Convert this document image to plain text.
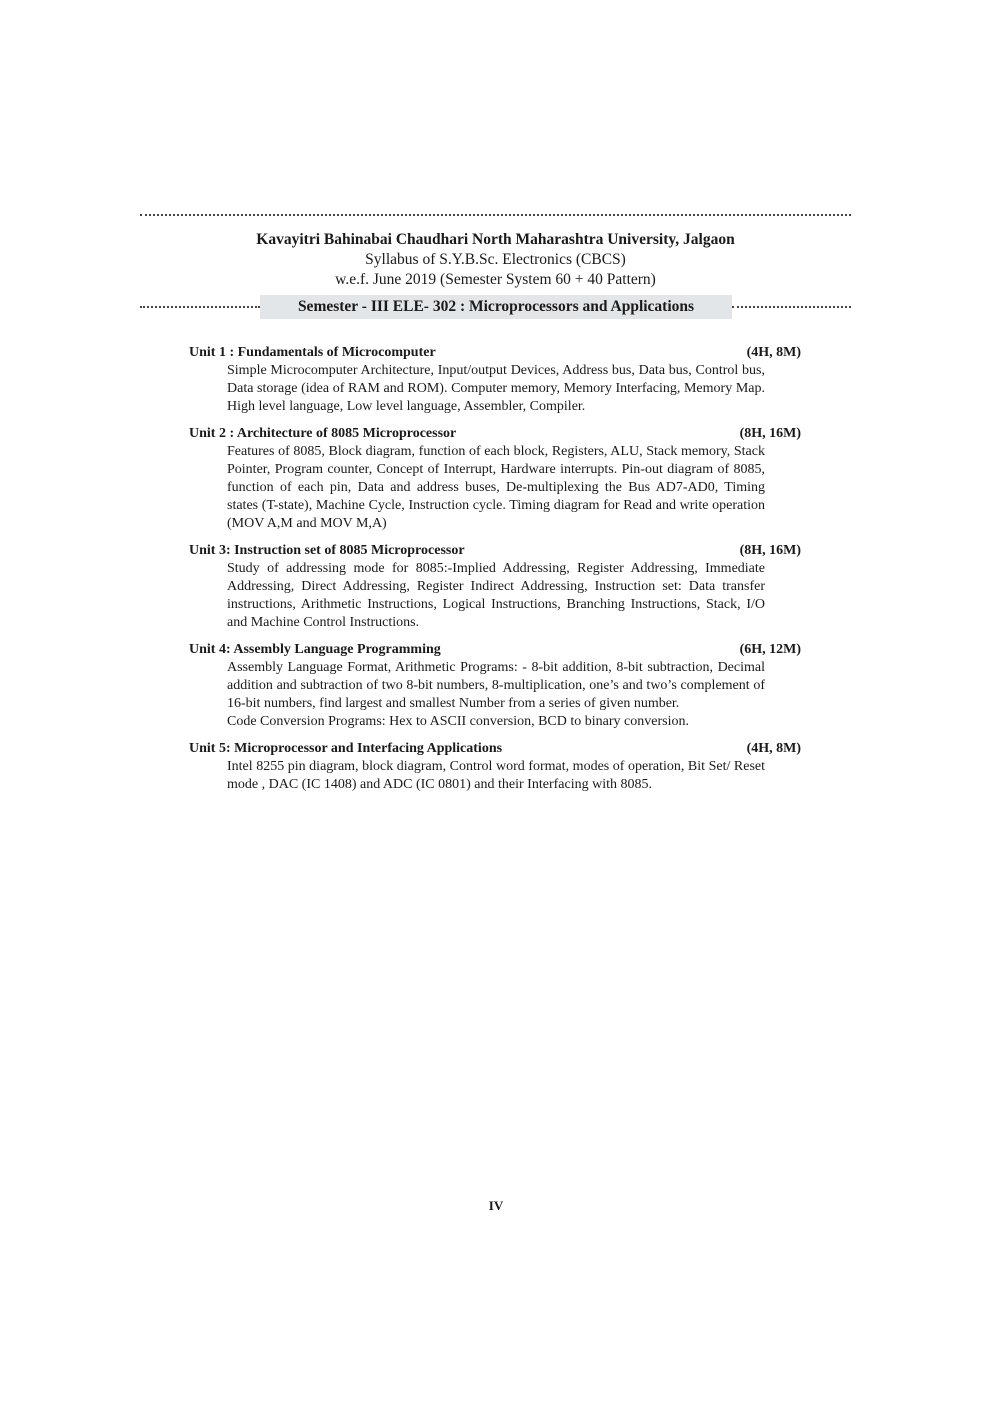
Kavayitri Bahinabai Chaudhari North Maharashtra University, Jalgaon
Syllabus of S.Y.B.Sc. Electronics (CBCS)
w.e.f. June 2019 (Semester System 60 + 40 Pattern)
Semester - III ELE- 302 : Microprocessors and Applications
Unit 1 : Fundamentals of Microcomputer	(4H, 8M)
Simple Microcomputer Architecture, Input/output Devices, Address bus, Data bus, Control bus, Data storage (idea of RAM and ROM). Computer memory, Memory Interfacing, Memory Map. High level language, Low level language, Assembler, Compiler.
Unit 2 : Architecture of 8085 Microprocessor	(8H, 16M)
Features of 8085, Block diagram, function of each block, Registers, ALU, Stack memory, Stack Pointer, Program counter, Concept of Interrupt, Hardware interrupts. Pin-out diagram of 8085, function of each pin, Data and address buses, De-multiplexing the Bus AD7-AD0, Timing states (T-state), Machine Cycle, Instruction cycle. Timing diagram for Read and write operation (MOV A,M and MOV M,A)
Unit 3: Instruction set of 8085 Microprocessor	(8H, 16M)
Study of addressing mode for 8085:-Implied Addressing, Register Addressing, Immediate Addressing, Direct Addressing, Register Indirect Addressing, Instruction set: Data transfer instructions, Arithmetic Instructions, Logical Instructions, Branching Instructions, Stack, I/O and Machine Control Instructions.
Unit 4: Assembly Language Programming	(6H, 12M)
Assembly Language Format, Arithmetic Programs: - 8-bit addition, 8-bit subtraction, Decimal addition and subtraction of two 8-bit numbers, 8-multiplication, one’s and two’s complement of 16-bit numbers, find largest and smallest Number from a series of given number.
Code Conversion Programs: Hex to ASCII conversion, BCD to binary conversion.
Unit 5: Microprocessor and Interfacing Applications	(4H, 8M)
Intel 8255 pin diagram, block diagram, Control word format, modes of operation, Bit Set/ Reset mode , DAC (IC 1408) and ADC (IC 0801) and their Interfacing with 8085.
IV
